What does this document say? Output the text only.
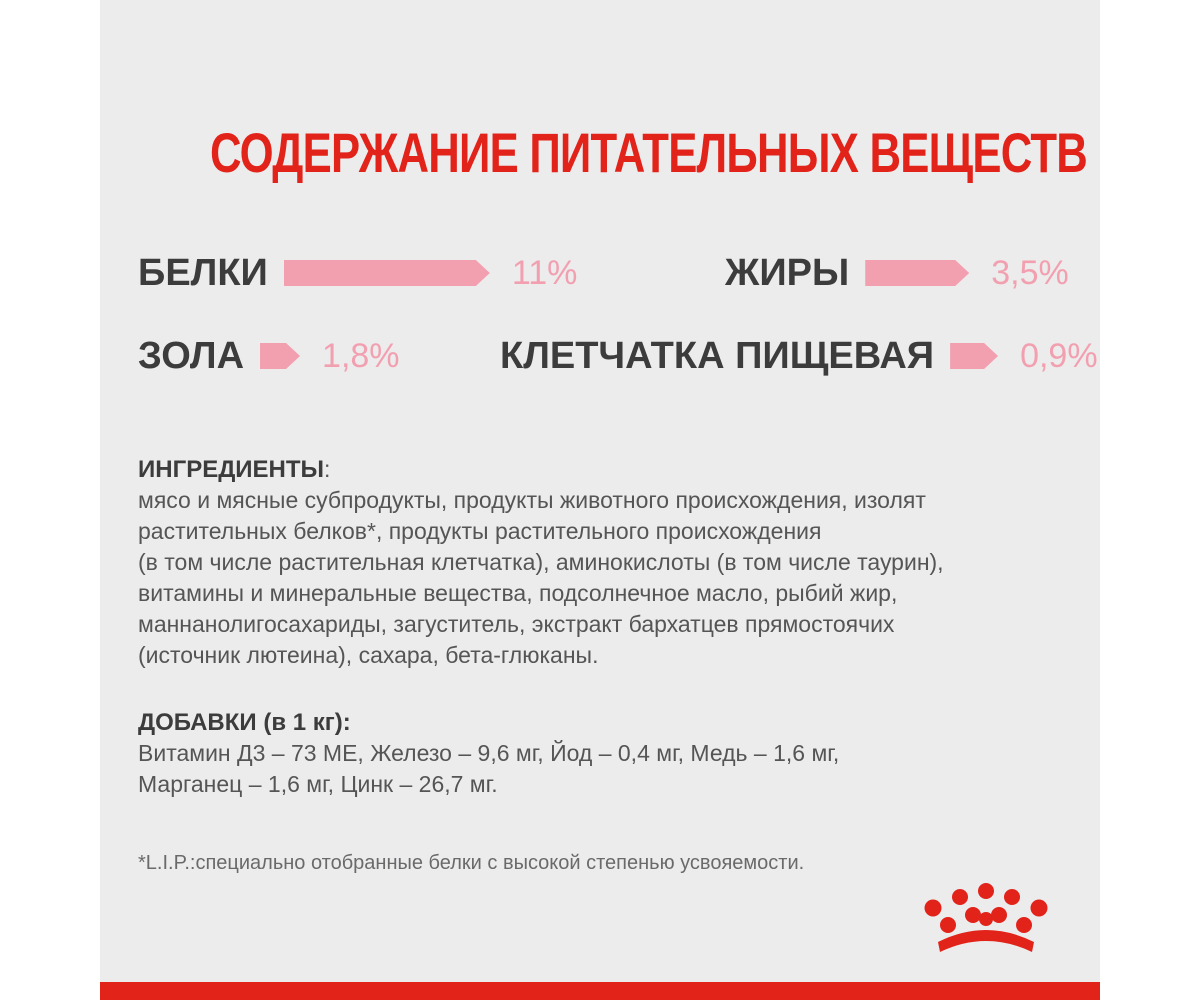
СОДЕРЖАНИЕ ПИТАТЕЛЬНЫХ ВЕЩЕСТВ
БЕЛКИ	11%	ЖИРЫ	3,5%
ЗОЛА 1,8%	КЛЕТЧАТКА ПИЩЕВАЯ	0,9%
ИНГРЕДИЕНТЫ:
мясо и мясные субпродукты, продукты животного происхождения, изолят
растительных белков*, продукты растительного происхождения
(в том числе растительная клетчатка), аминокислоты (в том числе таурин),
витамины и минеральные вещества, подсолнечное масло, рыбий жир,
маннанолигосахариды, загуститель, экстракт бархатцев прямостоячих
(источник лютеина), сахара, бета-глюканы.
ДОБАВКИ (в 1 кг):
Витамин Д3 – 73 МЕ, Железо – 9,6 мг, Йод – 0,4 мг, Медь – 1,6 мг,
Марганец – 1,6 мг, Цинк – 26,7 мг.
*L.I.P.:специально отобранные белки с высокой степенью усвояемости.
